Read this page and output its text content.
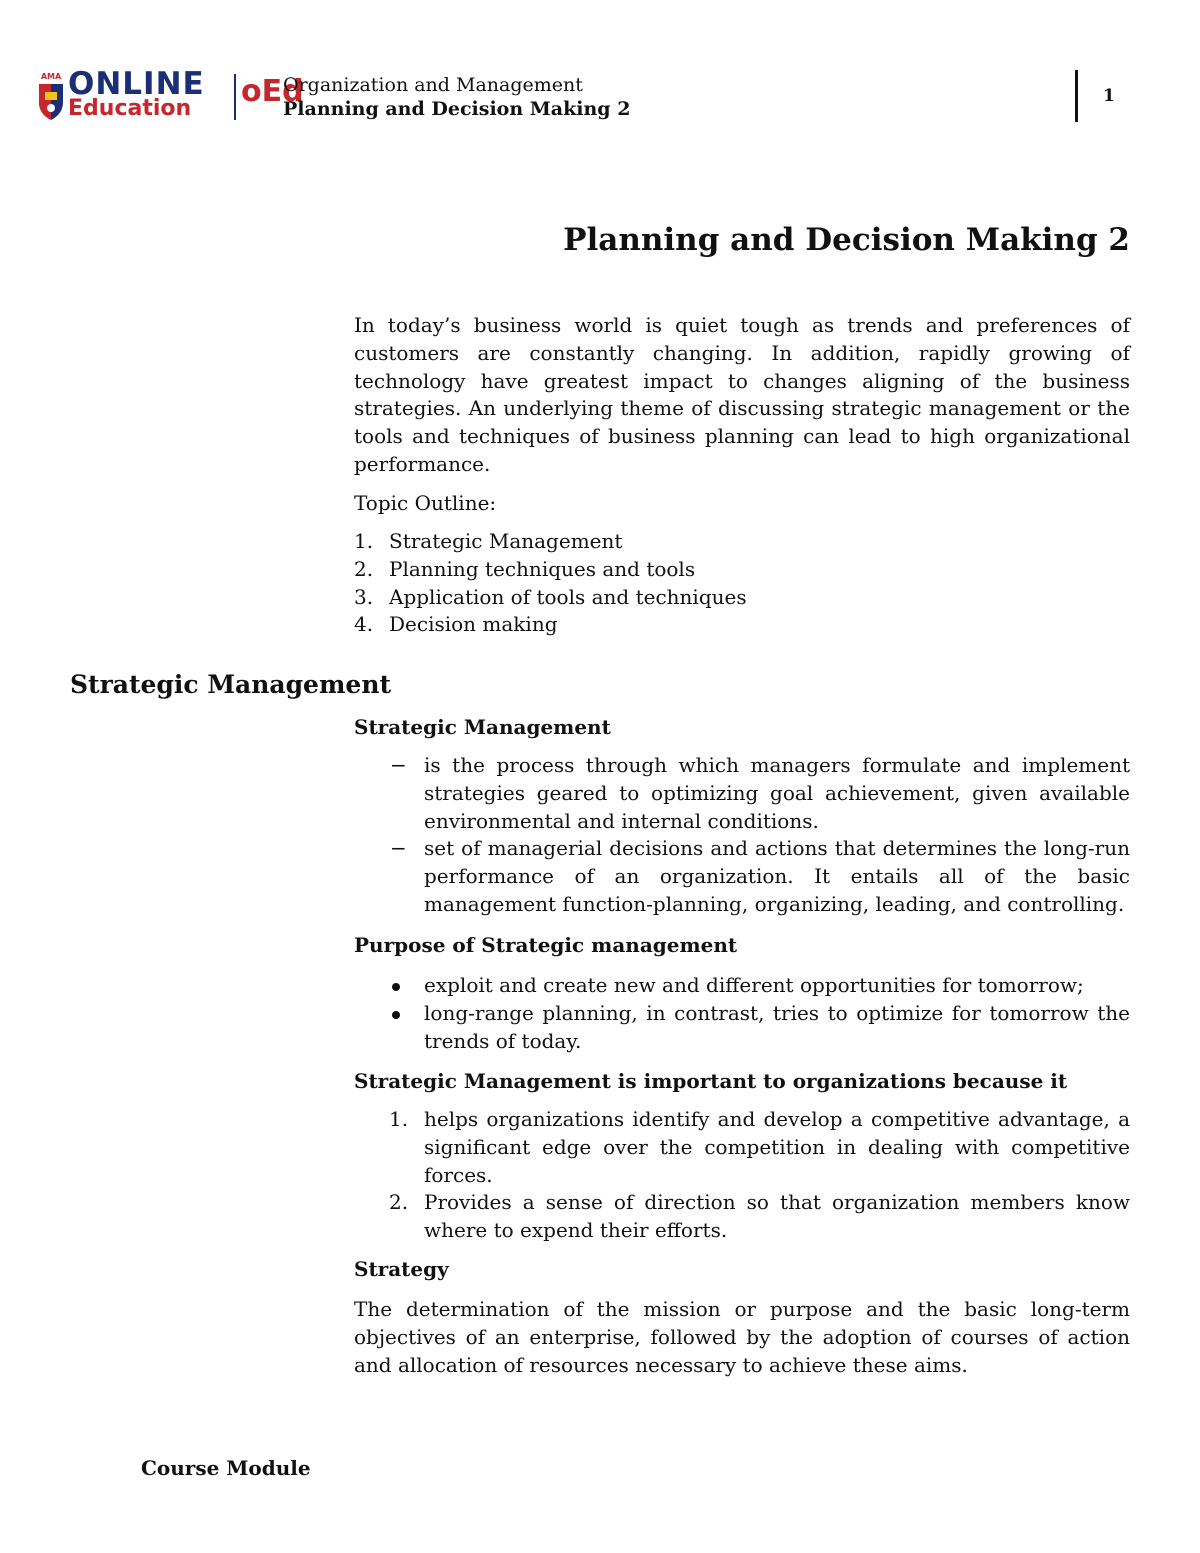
AMA ONLINE
Education oEd
Organization and Management
Planning and Decision Making 2
1
Planning and Decision Making 2
In today’s business world is quiet tough as trends and preferences of customers are constantly changing. In addition, rapidly growing of technology have greatest impact to changes aligning of the business strategies. An underlying theme of discussing strategic management or the tools and techniques of business planning can lead to high organizational performance.
Topic Outline:
1. Strategic Management
2. Planning techniques and tools
3. Application of tools and techniques
4. Decision making
Strategic Management
Strategic Management
− is the process through which managers formulate and implement strategies geared to optimizing goal achievement, given available environmental and internal conditions.
− set of managerial decisions and actions that determines the long-run performance of an organization. It entails all of the basic management function-planning, organizing, leading, and controlling.
Purpose of Strategic management
exploit and create new and different opportunities for tomorrow;
long-range planning, in contrast, tries to optimize for tomorrow the trends of today.
Strategic Management is important to organizations because it
1. helps organizations identify and develop a competitive advantage, a significant edge over the competition in dealing with competitive forces.
2. Provides a sense of direction so that organization members know where to expend their efforts.
Strategy
The determination of the mission or purpose and the basic long-term objectives of an enterprise, followed by the adoption of courses of action and allocation of resources necessary to achieve these aims.
Course Module
